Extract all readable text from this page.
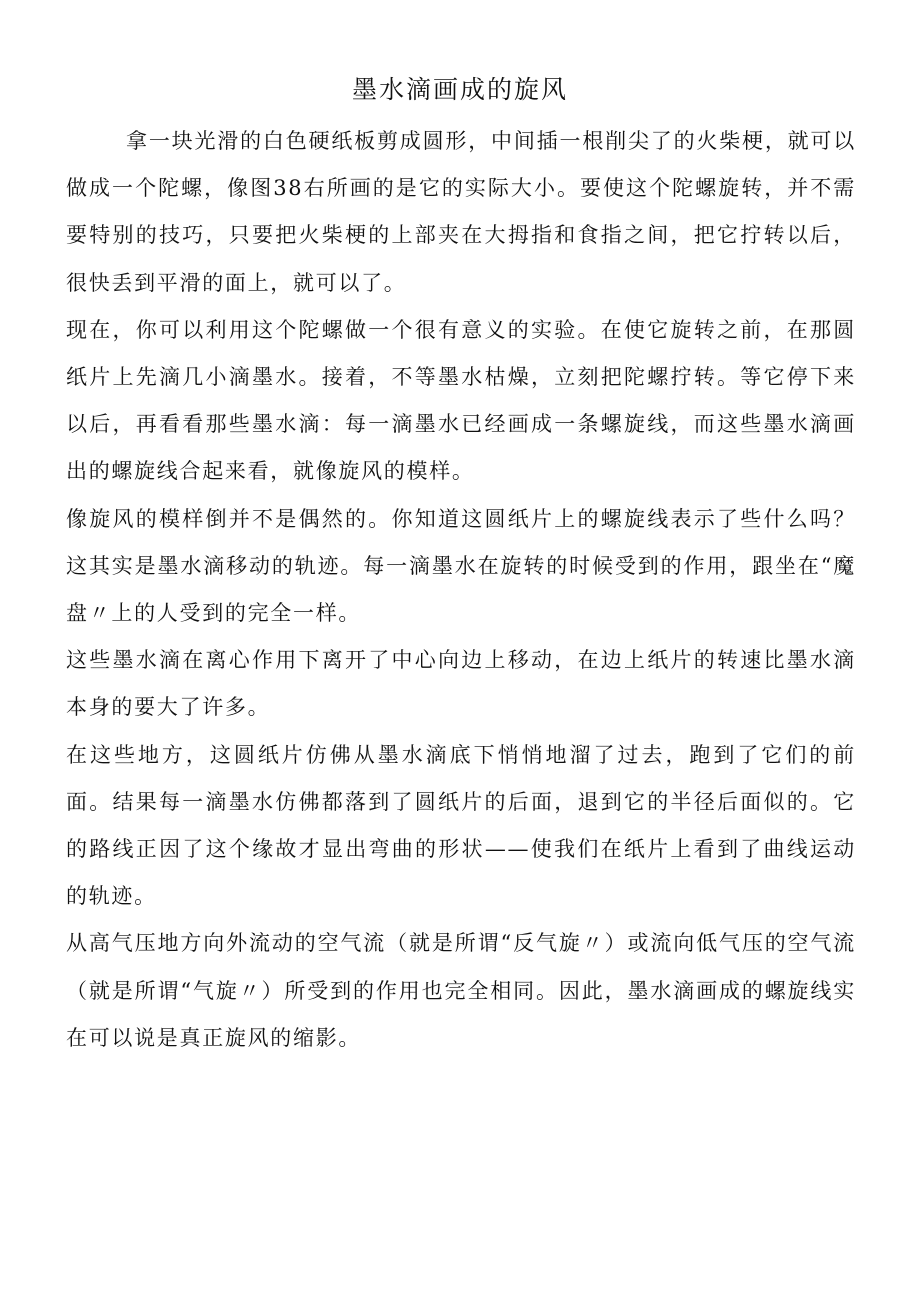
墨水滴画成的旋风

拿一块光滑的白色硬纸板剪成圆形，中间插一根削尖了的火柴梗，就可以做成一个陀螺，像图38右所画的是它的实际大小。要使这个陀螺旋转，并不需要特别的技巧，只要把火柴梗的上部夹在大拇指和食指之间，把它拧转以后，很快丢到平滑的面上，就可以了。

现在，你可以利用这个陀螺做一个很有意义的实验。在使它旋转之前，在那圆纸片上先滴几小滴墨水。接着，不等墨水枯燥，立刻把陀螺拧转。等它停下来以后，再看看那些墨水滴：每一滴墨水已经画成一条螺旋线，而这些墨水滴画出的螺旋线合起来看，就像旋风的模样。

像旋风的模样倒并不是偶然的。你知道这圆纸片上的螺旋线表示了些什么吗？这其实是墨水滴移动的轨迹。每一滴墨水在旋转的时候受到的作用，跟坐在“魔盘〃上的人受到的完全一样。

这些墨水滴在离心作用下离开了中心向边上移动，在边上纸片的转速比墨水滴本身的要大了许多。

在这些地方，这圆纸片仿佛从墨水滴底下悄悄地溜了过去，跑到了它们的前面。结果每一滴墨水仿佛都落到了圆纸片的后面，退到它的半径后面似的。它的路线正因了这个缘故才显出弯曲的形状——使我们在纸片上看到了曲线运动的轨迹。

从高气压地方向外流动的空气流（就是所谓“反气旋〃）或流向低气压的空气流（就是所谓“气旋〃）所受到的作用也完全相同。因此，墨水滴画成的螺旋线实在可以说是真正旋风的缩影。
